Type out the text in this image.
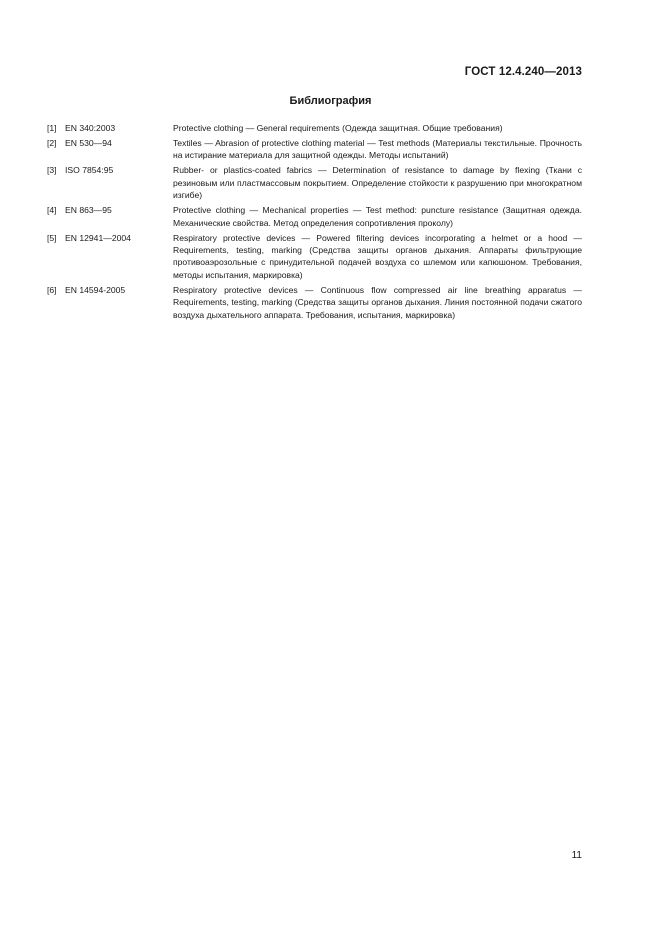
ГОСТ 12.4.240—2013
Библиография
[1] EN 340:2003	Protective clothing — General requirements (Одежда защитная. Общие требования)
[2] EN 530—94	Textiles — Abrasion of protective clothing material — Test methods (Материалы текстильные. Прочность на истирание материала для защитной одежды. Методы испытаний)
[3] ISO 7854:95	Rubber- or plastics-coated fabrics — Determination of resistance to damage by flexing (Ткани с резиновым или пластмассовым покрытием. Определение стойкости к разрушению при многократном изгибе)
[4] EN 863—95	Protective clothing — Mechanical properties — Test method: puncture resistance (Защитная одежда. Механические свойства. Метод определения сопротивления проколу)
[5] EN 12941—2004	Respiratory protective devices — Powered filtering devices incorporating a helmet or a hood — Requirements, testing, marking (Средства защиты органов дыхания. Аппараты фильтрующие противоаэрозольные с принудительной подачей воздуха со шлемом или капюшоном. Требования, методы испытания, маркировка)
[6] EN 14594-2005	Respiratory protective devices — Continuous flow compressed air line breathing apparatus — Requirements, testing, marking (Средства защиты органов дыхания. Линия постоянной подачи сжатого воздуха дыхательного аппарата. Требования, испытания, маркировка)
11
